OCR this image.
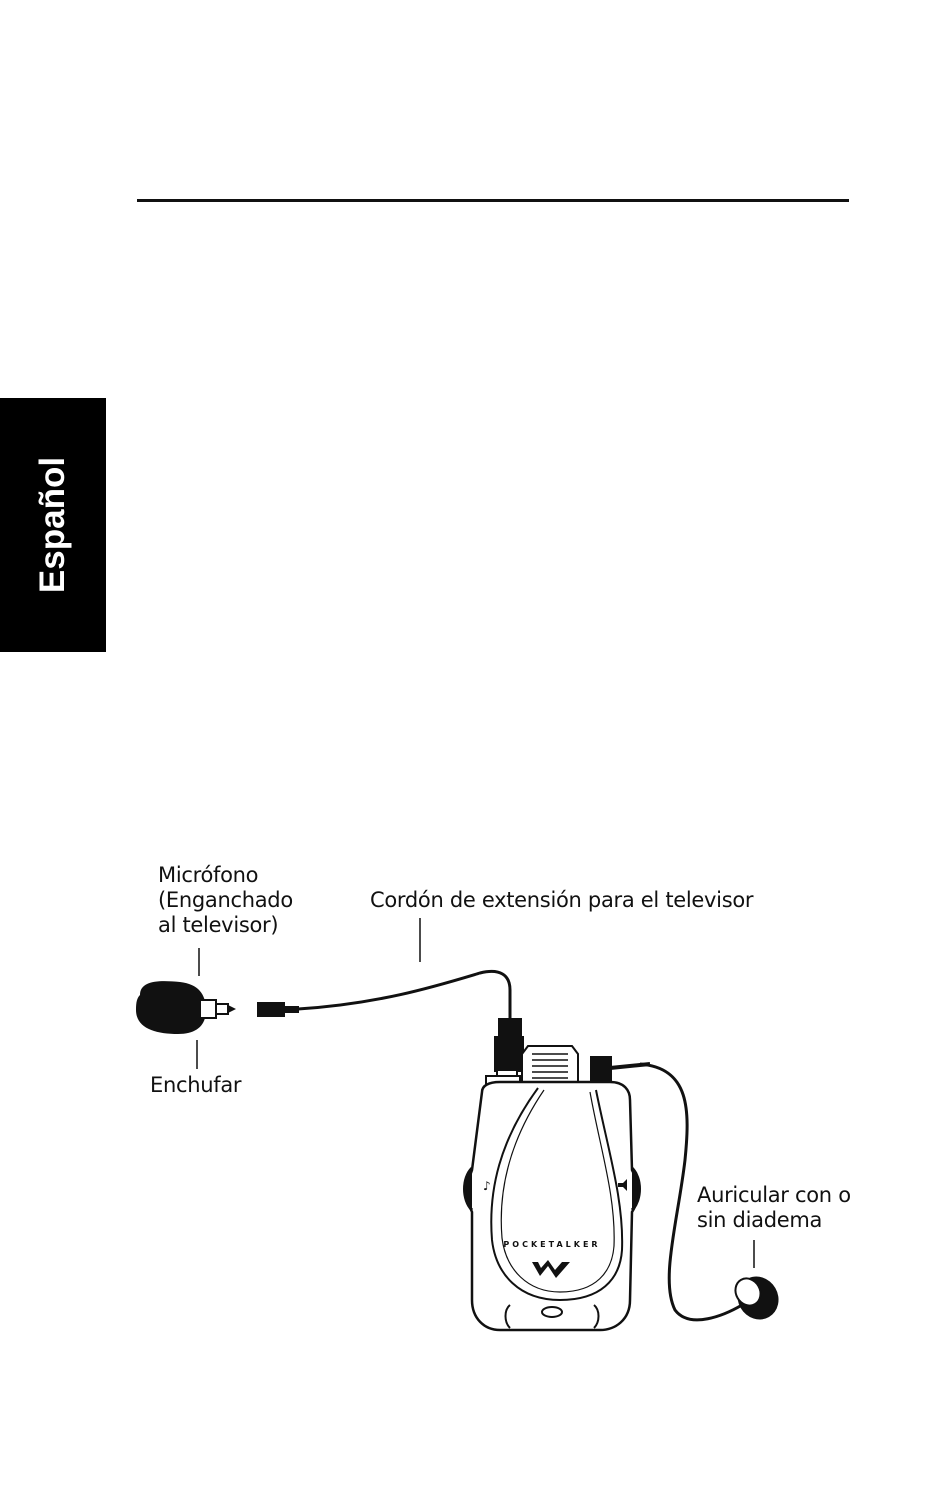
Español
Micrófono
(Enganchado
al televisor)
Enchufar
Cordón de extensión para el televisor
Auricular con o
sin diadema
♪
POCKETALKER
